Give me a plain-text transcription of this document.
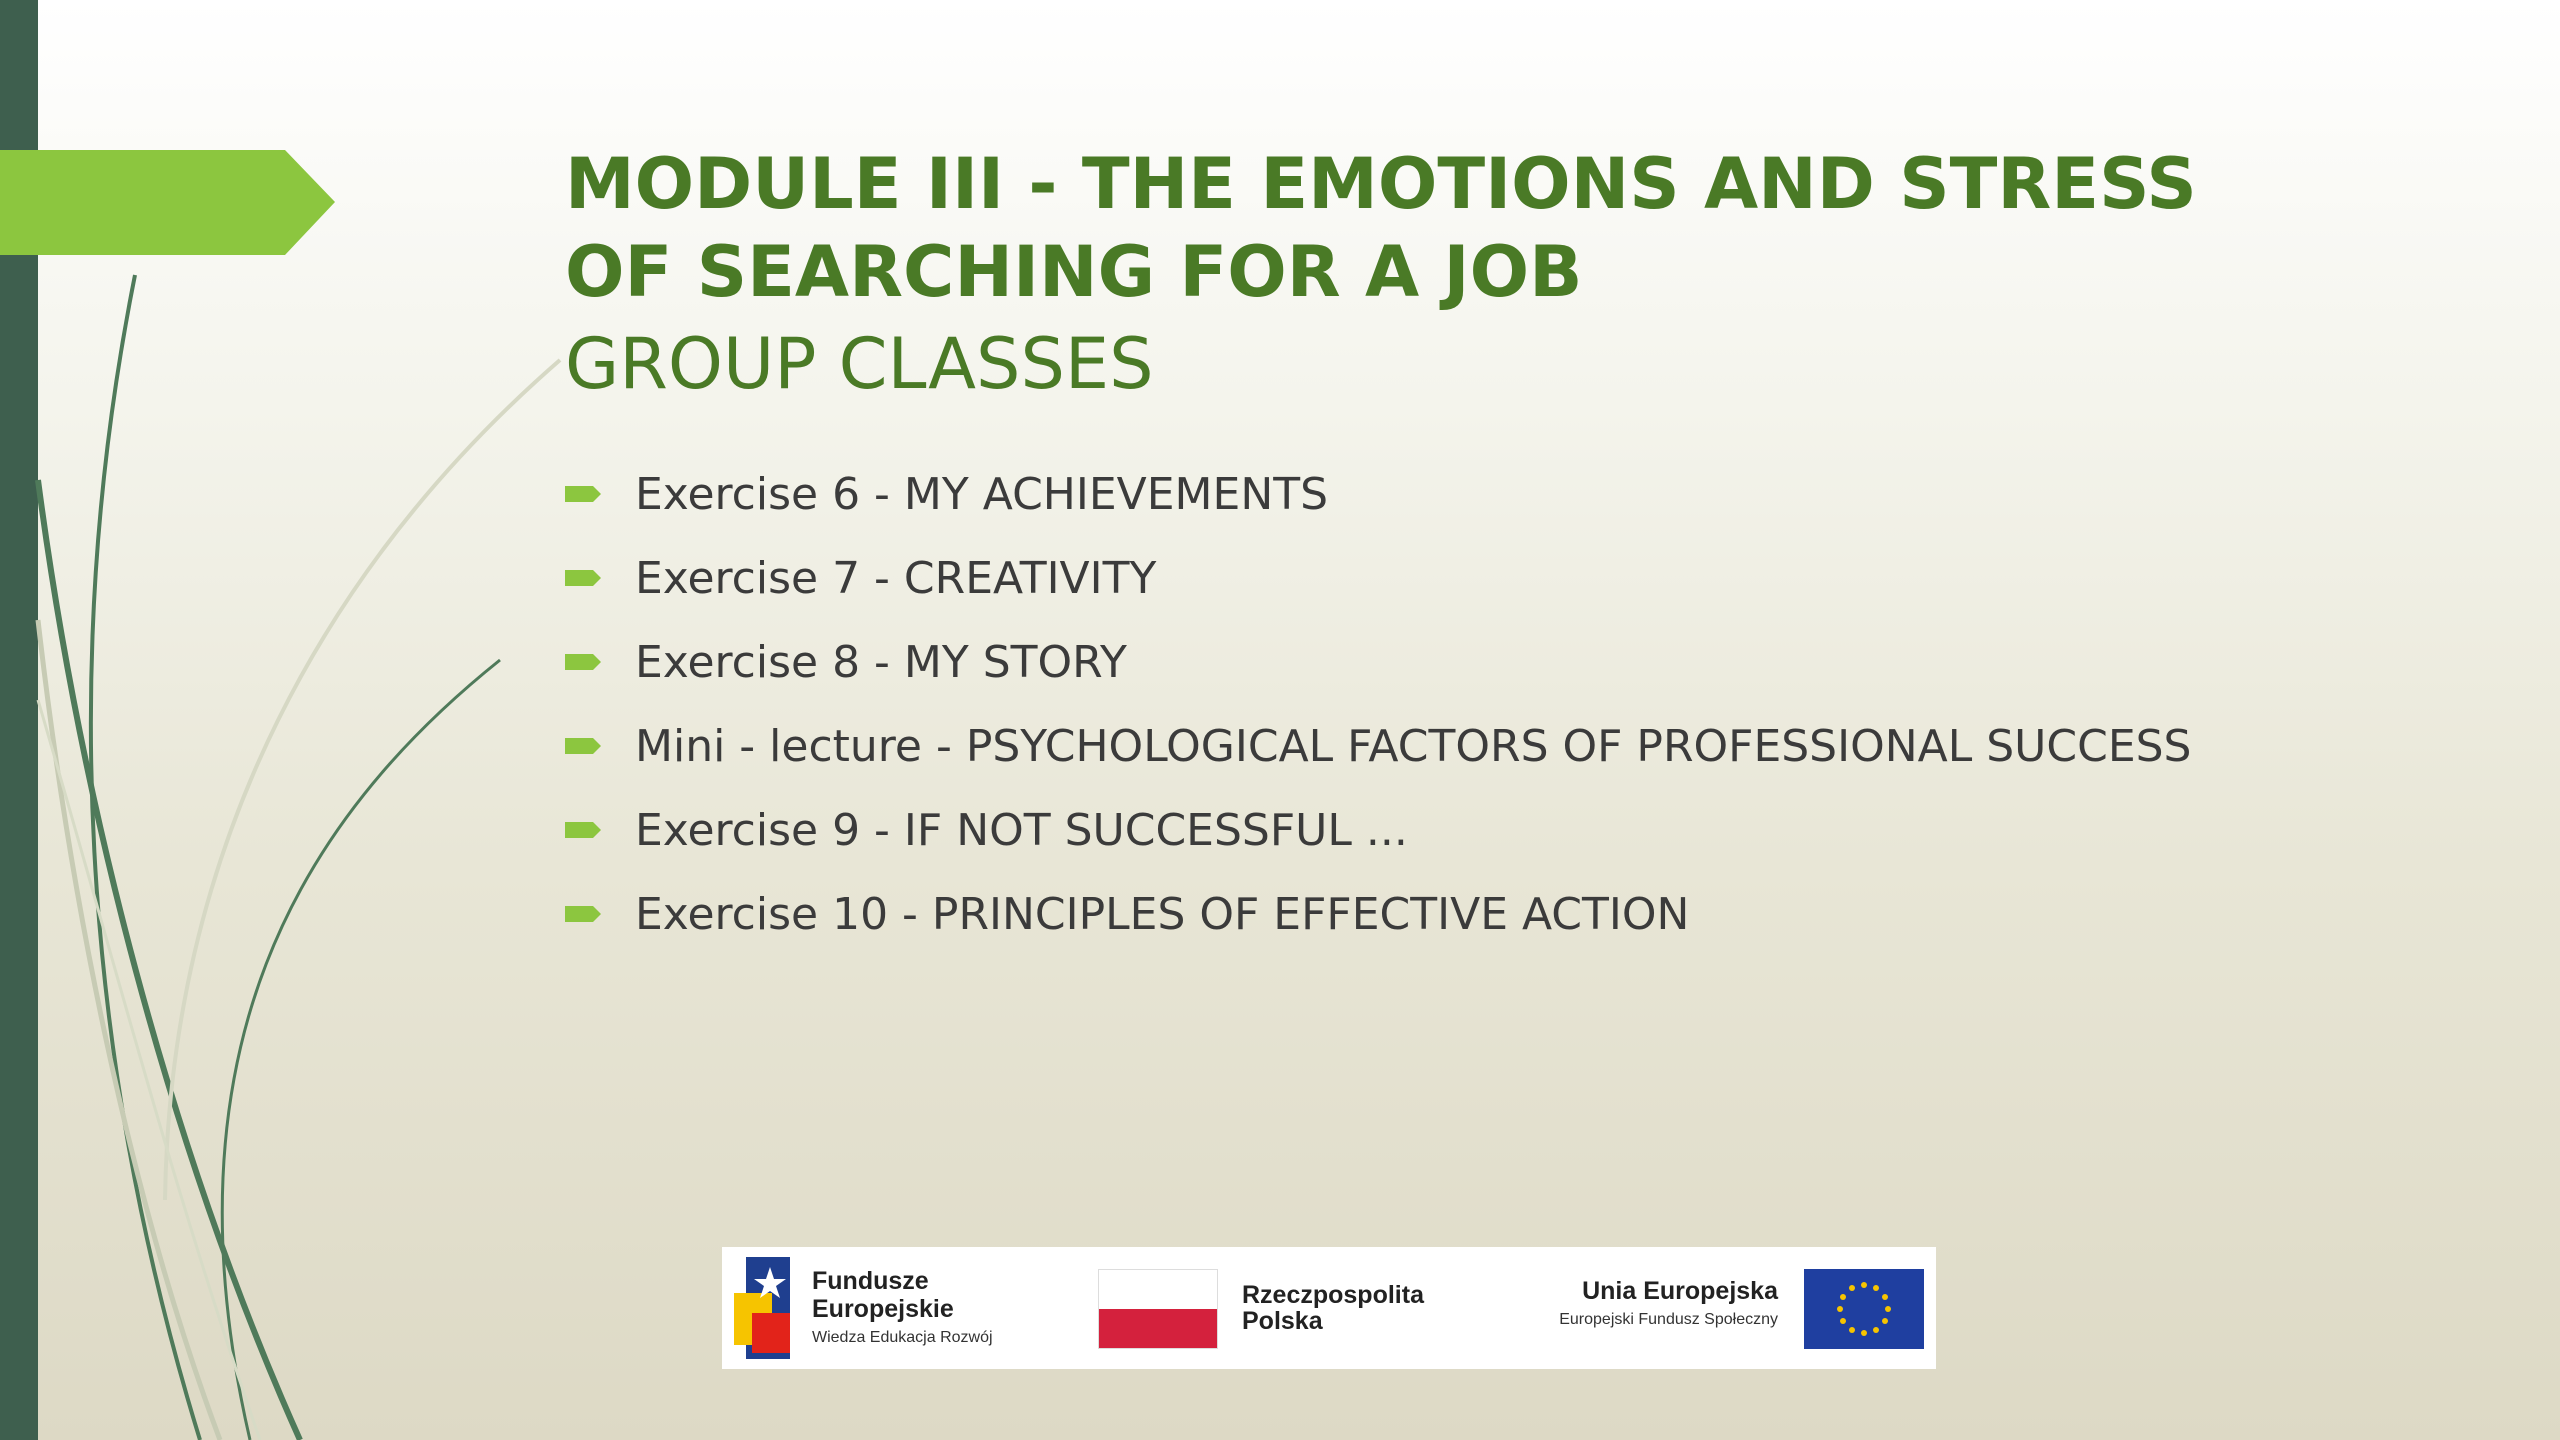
MODULE III - THE EMOTIONS AND STRESS OF SEARCHING FOR A JOB
GROUP CLASSES
Exercise 6 - MY ACHIEVEMENTS
Exercise 7 - CREATIVITY
Exercise 8 - MY STORY
Mini - lecture - PSYCHOLOGICAL FACTORS OF PROFESSIONAL SUCCESS
Exercise 9 - IF NOT SUCCESSFUL ...
Exercise 10 - PRINCIPLES OF EFFECTIVE ACTION
Fundusze
Europejskie
Wiedza Edukacja Rozwój
Rzeczpospolita
Polska
Unia Europejska
Europejski Fundusz Społeczny
